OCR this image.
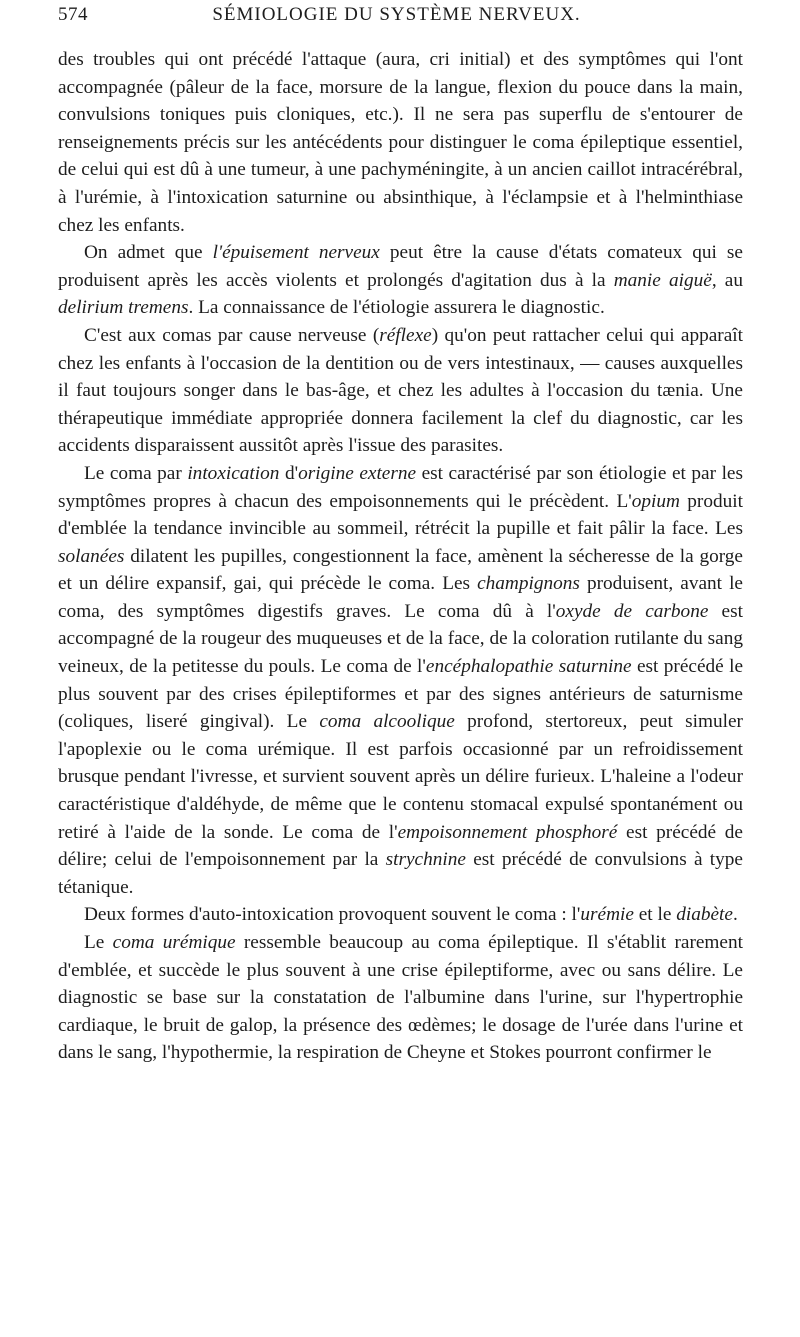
574	SÉMIOLOGIE DU SYSTÈME NERVEUX.

des troubles qui ont précédé l'attaque (aura, cri initial) et des symptômes qui l'ont accompagnée (pâleur de la face, morsure de la langue, flexion du pouce dans la main, convulsions toniques puis cloniques, etc.). Il ne sera pas superflu de s'entourer de renseignements précis sur les antécédents pour distinguer le coma épileptique essentiel, de celui qui est dû à une tumeur, à une pachyméningite, à un ancien caillot intracérébral, à l'urémie, à l'intoxication saturnine ou absinthique, à l'éclampsie et à l'helminthiase chez les enfants.

On admet que l'épuisement nerveux peut être la cause d'états comateux qui se produisent après les accès violents et prolongés d'agitation dus à la manie aiguë, au delirium tremens. La connaissance de l'étiologie assurera le diagnostic.

C'est aux comas par cause nerveuse (réflexe) qu'on peut rattacher celui qui apparaît chez les enfants à l'occasion de la dentition ou de vers intestinaux, — causes auxquelles il faut toujours songer dans le bas-âge, et chez les adultes à l'occasion du tænia. Une thérapeutique immédiate appropriée donnera facilement la clef du diagnostic, car les accidents disparaissent aussitôt après l'issue des parasites.

Le coma par intoxication d'origine externe est caractérisé par son étiologie et par les symptômes propres à chacun des empoisonnements qui le précèdent. L'opium produit d'emblée la tendance invincible au sommeil, rétrécit la pupille et fait pâlir la face. Les solanées dilatent les pupilles, congestionnent la face, amènent la sécheresse de la gorge et un délire expansif, gai, qui précède le coma. Les champignons produisent, avant le coma, des symptômes digestifs graves. Le coma dû à l'oxyde de carbone est accompagné de la rougeur des muqueuses et de la face, de la coloration rutilante du sang veineux, de la petitesse du pouls. Le coma de l'encéphalopathie saturnine est précédé le plus souvent par des crises épileptiformes et par des signes antérieurs de saturnisme (coliques, liseré gingival). Le coma alcoolique profond, stertoreux, peut simuler l'apoplexie ou le coma urémique. Il est parfois occasionné par un refroidissement brusque pendant l'ivresse, et survient souvent après un délire furieux. L'haleine a l'odeur caractéristique d'aldéhyde, de même que le contenu stomacal expulsé spontanément ou retiré à l'aide de la sonde. Le coma de l'empoisonnement phosphoré est précédé de délire; celui de l'empoisonnement par la strychnine est précédé de convulsions à type tétanique.

Deux formes d'auto-intoxication provoquent souvent le coma : l'urémie et le diabète.

Le coma urémique ressemble beaucoup au coma épileptique. Il s'établit rarement d'emblée, et succède le plus souvent à une crise épileptiforme, avec ou sans délire. Le diagnostic se base sur la constatation de l'albumine dans l'urine, sur l'hypertrophie cardiaque, le bruit de galop, la présence des œdèmes; le dosage de l'urée dans l'urine et dans le sang, l'hypothermie, la respiration de Cheyne et Stokes pourront confirmer le
